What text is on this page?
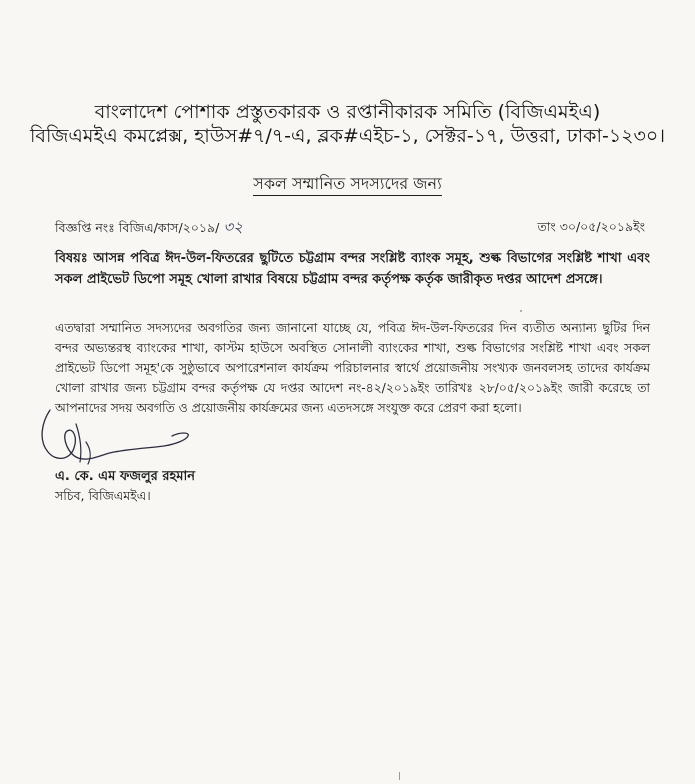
বাংলাদেশ পোশাক প্রস্তুতকারক ও রপ্তানীকারক সমিতি (বিজিএমইএ)
বিজিএমইএ কমপ্লেক্স, হাউস#৭/৭-এ, ব্লক#এইচ-১, সেক্টর-১৭, উত্তরা, ঢাকা-১২৩০।
সকল সম্মানিত সদস্যদের জন্য
বিজ্ঞপ্তি নংঃ বিজিএ/কাস/২০১৯/ ৩২	তাং ৩০/০৫/২০১৯ইং
বিষয়ঃ আসন্ন পবিত্র ঈদ-উল-ফিতরের ছুটিতে চট্টগ্রাম বন্দর সংশ্লিষ্ট ব্যাংক সমূহ, শুল্ক বিভাগের সংশ্লিষ্ট শাখা এবং সকল প্রাইভেট ডিপো সমূহ খোলা রাখার বিষয়ে চট্টগ্রাম বন্দর কর্তৃপক্ষ কর্তৃক জারীকৃত দপ্তর আদেশ প্রসঙ্গে।
এতদ্বারা সম্মানিত সদস্যদের অবগতির জন্য জানানো যাচ্ছে যে, পবিত্র ঈদ-উল-ফিতরের দিন ব্যতীত অন্যান্য ছুটির দিন বন্দর অভ্যন্তরস্থ ব্যাংকের শাখা, কাস্টম হাউসে অবস্থিত সোনালী ব্যাংকের শাখা, শুল্ক বিভাগের সংশ্লিষ্ট শাখা এবং সকল প্রাইভেট ডিপো সমূহ'কে সুষ্ঠুভাবে অপারেশনাল কার্যক্রম পরিচালনার স্বার্থে প্রয়োজনীয় সংখ্যক জনবলসহ তাদের কার্যক্রম খোলা রাখার জন্য চট্টগ্রাম বন্দর কর্তৃপক্ষ যে দপ্তর আদেশ নং-৪২/২০১৯ইং তারিখঃ ২৮/০৫/২০১৯ইং জারী করেছে তা আপনাদের সদয় অবগতি ও প্রয়োজনীয় কার্যক্রমের জন্য এতদসঙ্গে সংযুক্ত করে প্রেরণ করা হলো।
এ. কে. এম ফজলুর রহমান
সচিব, বিজিএমইএ।
